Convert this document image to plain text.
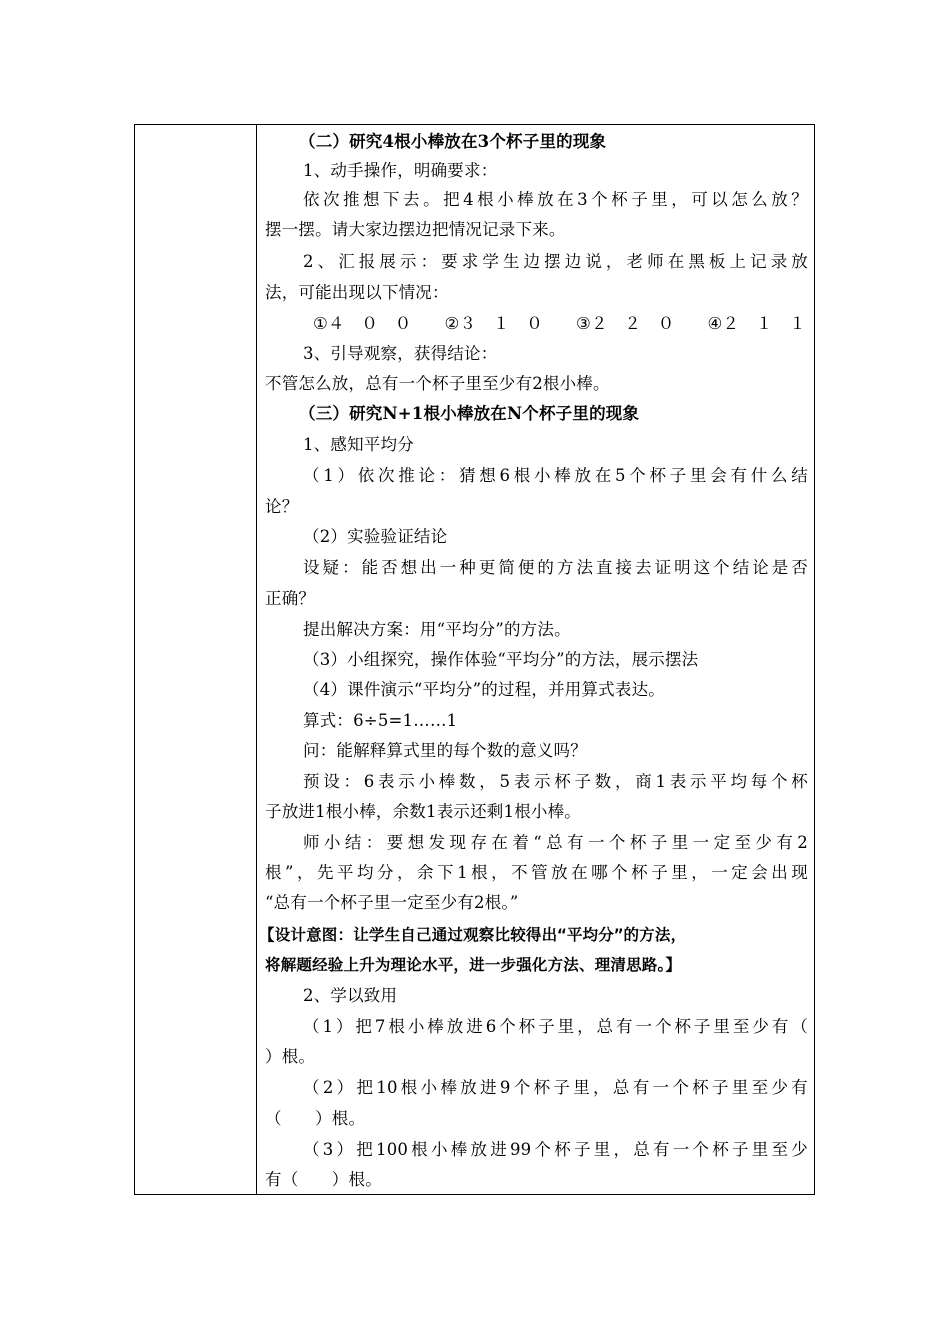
（二）研究4根小棒放在3个杯子里的现象
1、动手操作，明确要求：
依次推想下去。把4根小棒放在3个杯子里，可以怎么放？
摆一摆。请大家边摆边把情况记录下来。
2、汇报展示：要求学生边摆边说，老师在黑板上记录放
法，可能出现以下情况：
①４　０　０ ②３　１　０ ③２　２　０ ④２　１　１
3、引导观察，获得结论：
不管怎么放，总有一个杯子里至少有2根小棒。
（三）研究N+1根小棒放在N个杯子里的现象
1、感知平均分
（1）依次推论：猜想6根小棒放在5个杯子里会有什么结
论？
（2）实验验证结论
设疑：能否想出一种更简便的方法直接去证明这个结论是否
正确？
提出解决方案：用“平均分”的方法。
（3）小组探究，操作体验“平均分”的方法，展示摆法
（4）课件演示“平均分”的过程，并用算式表达。
算式：6÷5=1……1
问：能解释算式里的每个数的意义吗？
预设：6表示小棒数，5表示杯子数，商1表示平均每个杯
子放进1根小棒，余数1表示还剩1根小棒。
师小结：要想发现存在着“总有一个杯子里一定至少有2
根”，先平均分，余下1根，不管放在哪个杯子里，一定会出现
“总有一个杯子里一定至少有2根。”
【设计意图：让学生自己通过观察比较得出“平均分”的方法，
将解题经验上升为理论水平，进一步强化方法、理清思路。】
2、学以致用
（1）把7根小棒放进6个杯子里，总有一个杯子里至少有（
）根。
（2）把10根小棒放进9个杯子里，总有一个杯子里至少有
（　　）根。
（3）把100根小棒放进99个杯子里，总有一个杯子里至少
有（　　）根。
